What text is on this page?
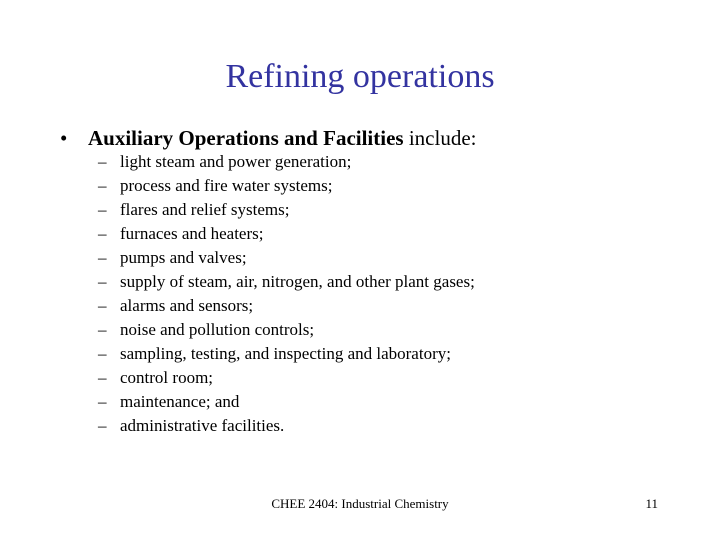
Refining operations
• Auxiliary Operations and Facilities include:
– light steam and power generation;
– process and fire water systems;
– flares and relief systems;
– furnaces and heaters;
– pumps and valves;
– supply of steam, air, nitrogen, and other plant gases;
– alarms and sensors;
– noise and pollution controls;
– sampling, testing, and inspecting and laboratory;
– control room;
– maintenance; and
– administrative facilities.
CHEE 2404: Industrial Chemistry	11
